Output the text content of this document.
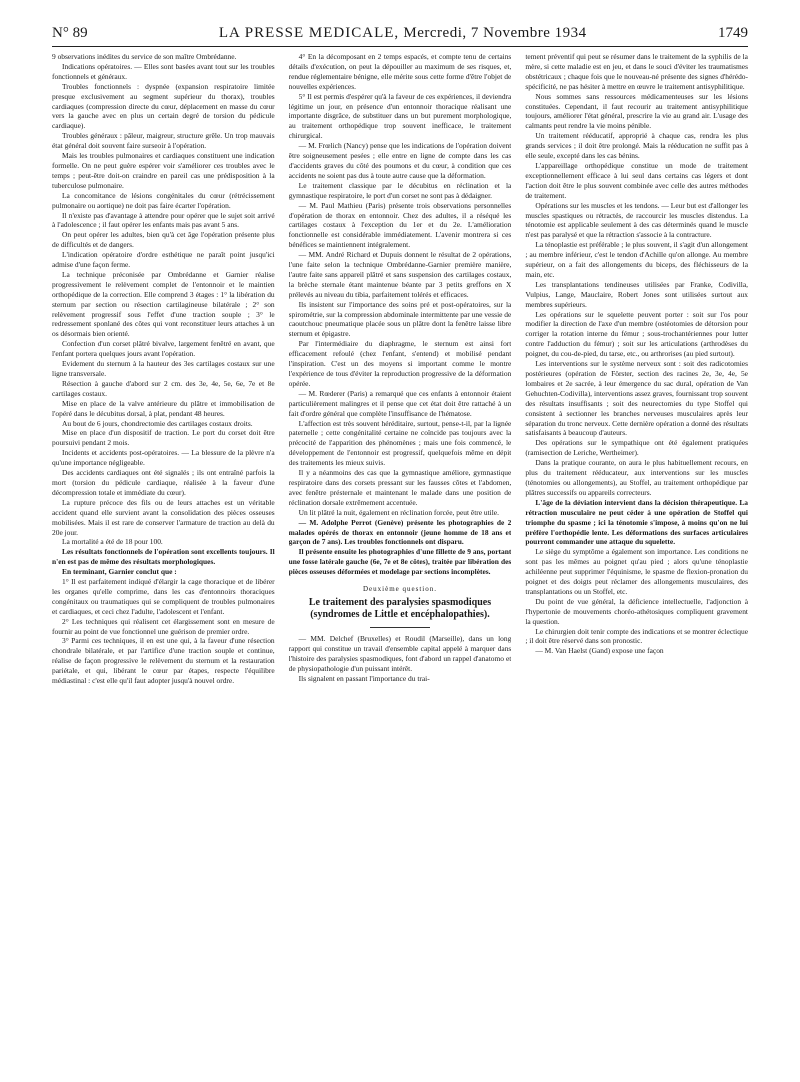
N° 89	LA PRESSE MEDICALE, Mercredi, 7 Novembre 1934	1749

9 observations inédites du service de son maître Ombrédanne.

Indications opératoires. — Elles sont basées avant tout sur les troubles fonctionnels et généraux.

Troubles fonctionnels : dyspnée (expansion respiratoire limitée presque exclusivement au segment supérieur du thorax), troubles cardiaques (compression directe du cœur, déplacement en masse du cœur vers la gauche avec en plus un certain degré de torsion du pédicule cardiaque).

Troubles généraux : pâleur, maigreur, structure grêle. Un trop mauvais état général doit souvent faire surseoir à l'opération.

Mais les troubles pulmonaires et cardiaques constituent une indication formelle. On ne peut guère espérer voir s'améliorer ces troubles avec le temps ; peut-être doit-on craindre en pareil cas une prédisposition à la tuberculose pulmonaire.

La concomitance de lésions congénitales du cœur (rétrécissement pulmonaire ou aortique) ne doit pas faire écarter l'opération.

Il n'existe pas d'avantage à attendre pour opérer que le sujet soit arrivé à l'adolescence ; il faut opérer les enfants mais pas avant 5 ans.

On peut opérer les adultes, bien qu'à cet âge l'opération présente plus de difficultés et de dangers.

L'indication opératoire d'ordre esthétique ne paraît point jusqu'ici admise d'une façon ferme.

La technique préconisée par Ombrédanne et Garnier réalise progressivement le relèvement complet de l'entonnoir et le maintien orthopédique de la correction. Elle comprend 3 étages : 1° la libération du sternum par section ou résection cartilagineuse bilatérale ; 2° son relèvement progressif sous l'effet d'une traction souple ; 3° le redressement sponlané des côtes qui vont reconstituer leurs attaches à un os désormais bien orienté.

Confection d'un corset plâtré bivalve, largement fenêtré en avant, que l'enfant portera quelques jours avant l'opération.

Evidement du sternum à la hauteur des 3es cartilages costaux sur une ligne transversale.

Résection à gauche d'abord sur 2 cm. des 3e, 4e, 5e, 6e, 7e et 8e cartilages costaux.

Mise en place de la valve antérieure du plâtre et immobilisation de l'opéré dans le décubitus dorsal, à plat, pendant 48 heures.

Au bout de 6 jours, chondrectomie des cartilages costaux droits.

Mise en place d'un dispositif de traction. Le port du corset doit être poursuivi pendant 2 mois.

Incidents et accidents post-opératoires. — La blessure de la plèvre n'a qu'une importance négligeable.

Des accidents cardiaques ont été signalés ; ils ont entraîné parfois la mort (torsion du pédicule cardiaque, réalisée à la faveur d'une décompression totale et immédiate du cœur).

La rupture précoce des fils ou de leurs attaches est un véritable accident quand elle survient avant la consolidation des pièces osseuses mobilisées. Mais il est rare de conserver l'armature de traction au delà du 20e jour.

La mortalité a été de 18 pour 100.

Les résultats fonctionnels de l'opération sont excellents toujours. Il n'en est pas de même des résultats morphologiques.

En terminant, Garnier conclut que :

1° Il est parfaitement indiqué d'élargir la cage thoracique et de libérer les organes qu'elle comprime, dans les cas d'entonnoirs thoraciques congénitaux ou traumatiques qui se compliquent de troubles pulmonaires et cardiaques, et ceci chez l'adulte, l'adolescent et l'enfant.

2° Les techniques qui réalisent cet élargissement sont en mesure de fournir au point de vue fonctionnel une guérison de premier ordre.

3° Parmi ces techniques, il en est une qui, à la faveur d'une résection chondrale bilatérale, et par l'artifice d'une traction souple et continue, réalise de façon progressive le relèvement du sternum et la restauration pariétale, et qui, libérant le cœur par étapes, respecte l'équilibre médiastinal : c'est elle qu'il faut adopter jusqu'à nouvel ordre.

4° En la décomposant en 2 temps espacés, et compte tenu de certains détails d'exécution, on peut la dépouiller au maximum de ses risques, et, rendue réglementaire bénigne, elle mérite sous cette forme d'être l'objet de nouvelles expériences.

5° Il est permis d'espérer qu'à la faveur de ces expériences, il deviendra légitime un jour, en présence d'un entonnoir thoracique réalisant une importante disgrâce, de substituer dans un but purement morphologique, au traitement orthopédique trop souvent inefficace, le traitement chirurgical.

— M. Frœlich (Nancy) pense que les indications de l'opération doivent être soigneusement pesées ; elle entre en ligne de compte dans les cas d'accidents graves du côté des poumons et du cœur, à condition que ces accidents ne soient pas dus à toute autre cause que la déformation.

Le traitement classique par le décubitus en réclination et la gymnastique respiratoire, le port d'un corset ne sont pas à dédaigner.

— M. Paul Mathieu (Paris) présente trois observations personnelles d'opération de thorax en entonnoir. Chez des adultes, il a réséqué les cartilages costaux à l'exception du 1er et du 2e. L'amélioration fonctionnelle est considérable immédiatement. L'avenir montrera si ces bénéfices se maintiennent intégralement.

— MM. André Richard et Dupuis donnent le résultat de 2 opérations, l'une faite selon la technique Ombrédanne-Garnier première manière, l'autre faite sans appareil plâtré et sans suspension des cartilages costaux, la brèche sternale étant maintenue béante par 3 petits greffons en X prélevés au niveau du tibia, parfaitement tolérés et efficaces.

Ils insistent sur l'importance des soins pré et post-opératoires, sur la spirométrie, sur la compression abdominale intermittente par une vessie de caoutchouc pneumatique placée sous un plâtre dont la fenêtre laisse libre sternum et épigastre.

Par l'intermédiaire du diaphragme, le sternum est ainsi fort efficacement refoulé (chez l'enfant, s'entend) et mobilisé pendant l'inspiration. C'est un des moyens si important comme le montre l'expérience de tous d'éviter la reproduction progressive de la déformation opérée.

— M. Rœderer (Paris) a remarqué que ces enfants à entonnoir étaient particulièrement malingres et il pense que cet état doit être rattaché à un fait d'ordre général que complète l'insuffisance de l'hématose.

L'affection est très souvent héréditaire, surtout, pense-t-il, par la lignée paternelle ; cette congénitalité certaine ne coïncide pas toujours avec la précocité de l'apparition des phénomènes ; mais une fois commencé, le développement de l'entonnoir est progressif, quelquefois même en dépit des traitements les mieux suivis.

Il y a néanmoins des cas que la gymnastique améliore, gymnastique respiratoire dans des corsets pressant sur les fausses côtes et l'abdomen, avec fenêtre présternale et maintenant le malade dans une position de réclination dorsale extrêmement accentuée.

Un lit plâtré la nuit, également en réclination forcée, peut être utile.

— M. Adolphe Perrot (Genève) présente les photographies de 2 malades opérés de thorax en entonnoir (jeune homme de 18 ans et garçon de 7 ans). Les troubles fonctionnels ont disparu.

Il présente ensuite les photographies d'une fillette de 9 ans, portant une fosse latérale gauche (6e, 7e et 8e côtes), traitée par libération des pièces osseuses déformées et modelage par sections incomplètes.

Deuxième question.
Le traitement des paralysies spasmodiques (syndromes de Little et encéphalopathies).

— MM. Delchef (Bruxelles) et Roudil (Marseille), dans un long rapport qui constitue un travail d'ensemble capital appelé à marquer dans l'histoire des paralysies spasmodiques, font d'abord un rappel d'anatomo et de physiopathologie d'un puissant intérêt.

Ils signalent en passant l'importance du trai-

tement préventif qui peut se résumer dans le traitement de la syphilis de la mère, si cette maladie est en jeu, et dans le souci d'éviter les traumatismes obstétricaux ; chaque fois que le nouveau-né présente des signes d'hérédo-spécificité, ne pas hésiter à mettre en œuvre le traitement antisyphilitique.

Nous sommes sans ressources médicamenteuses sur les lésions constituées. Cependant, il faut recourir au traitement antisyphilitique toujours, améliorer l'état général, prescrire la vie au grand air. L'usage des calmants peut rendre la vie moins pénible.

Un traitement rééducatif, approprié à chaque cas, rendra les plus grands services ; il doit être prolongé. Mais la rééducation ne suffit pas à elle seule, excepté dans les cas bénins.

L'appareillage orthopédique constitue un mode de traitement exceptionnellement efficace à lui seul dans certains cas légers et dont l'action doit être le plus souvent combinée avec celle des autres méthodes de traitement.

Opérations sur les muscles et les tendons. — Leur but est d'allonger les muscles spastiques ou rétractés, de raccourcir les muscles distendus. La ténotomie est applicable seulement à des cas déterminés quand le muscle n'est pas paralysé et que la rétraction s'associe à la contracture.

La ténoplastie est préférable ; le plus souvent, il s'agit d'un allongement ; au membre inférieur, c'est le tendon d'Achille qu'on allonge. Au membre supérieur, on a fait des allongements du biceps, des fléchisseurs de la main, etc.

Les transplantations tendineuses utilisées par Franke, Codivilla, Vulpius, Lange, Mauclaire, Robert Jones sont utilisées surtout aux membres supérieurs.

Les opérations sur le squelette peuvent porter : soit sur l'os pour modifier la direction de l'axe d'un membre (ostéotomies de détorsion pour corriger la rotation interne du fémur ; sous-trochantériennes pour lutter contre l'adduction du fémur) ; soit sur les articulations (arthrodèses du poignet, du cou-de-pied, du tarse, etc., ou arthrorises (au pied surtout).

Les interventions sur le système nerveux sont : soit des radicotomies postérieures (opération de Förster, section des racines 2e, 3e, 4e, 5e lombaires et 2e sacrée, à leur émergence du sac dural, opération de Van Gehuchten-Codivilla), interventions assez graves, fournissant trop souvent des résultats insuffisants ; soit des neurectomies du type Stoffel qui consistent à sectionner les branches nerveuses musculaires après leur séparation du tronc nerveux. Cette dernière opération a donné des résultats satisfaisants à beaucoup d'auteurs.

Des opérations sur le sympathique ont été également pratiquées (ramisection de Leriche, Wertheimer).

Dans la pratique courante, on aura le plus habituellement recours, en plus du traitement rééducateur, aux interventions sur les muscles (ténotomies ou allongements), au Stoffel, au traitement orthopédique par plâtres successifs ou appareils correcteurs.

L'âge de la déviation intervient dans la décision thérapeutique. La rétraction musculaire ne peut céder à une opération de Stoffel qui triomphe du spasme ; ici la ténotomie s'impose, à moins qu'on ne lui préfère l'orthopédie lente. Les déformations des surfaces articulaires pourront commander une attaque du squelette.

Le siège du symptôme a également son importance. Les conditions ne sont pas les mêmes au poignet qu'au pied ; alors qu'une ténoplastie achiléenne peut supprimer l'équinisme, le spasme de flexion-pronation du poignet et des doigts peut réclamer des allongements musculaires, des transplantations ou un Stoffel, etc.

Du point de vue général, la déficience intellectuelle, l'adjonction à l'hypertonie de mouvements choréo-athétosiques compliquent gravement la question.

Le chirurgien doit tenir compte des indications et se montrer éclectique ; il doit être réservé dans son pronostic.

— M. Van Haelst (Gand) expose une façon
